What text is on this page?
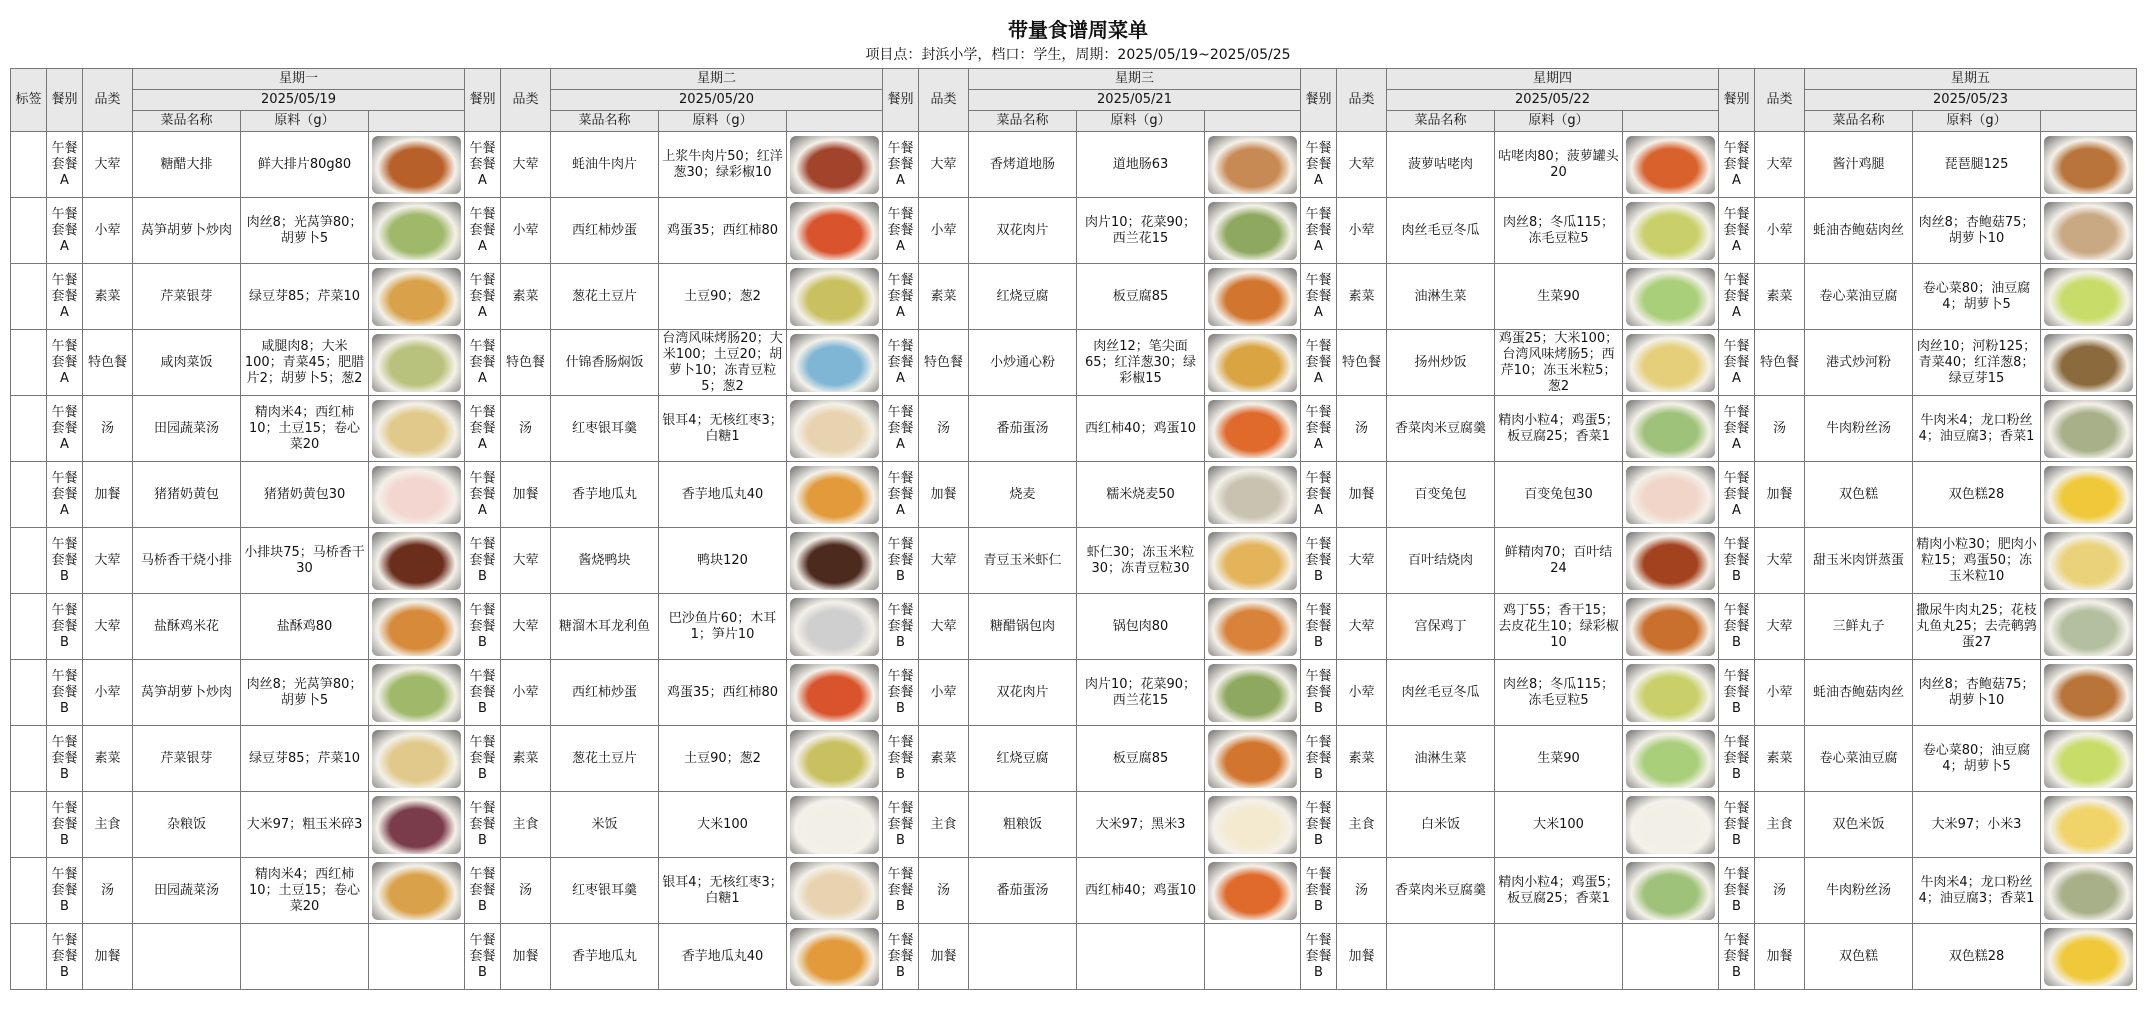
带量食谱周菜单
项目点：封浜小学，档口：学生，周期：2025/05/19~2025/05/25
标签	餐别	品类	星期一			餐别	品类	星期二			餐别	品类	星期三			餐别	品类	星期四			餐别	品类	星期五		
			2025/05/19					2025/05/20					2025/05/21					2025/05/22					2025/05/23		
			菜品名称	原料（g）				菜品名称	原料（g）				菜品名称	原料（g）				菜品名称	原料（g）				菜品名称	原料（g）	
	午餐套餐A	大荤	糖醋大排	鲜大排片80g80		午餐套餐A	大荤	蚝油牛肉片	上浆牛肉片50；红洋葱30；绿彩椒10		午餐套餐A	大荤	香烤道地肠	道地肠63		午餐套餐A	大荤	菠萝咕咾肉	咕咾肉80；菠萝罐头20		午餐套餐A	大荤	酱汁鸡腿	琵琶腿125	

	午餐套餐A	小荤	莴笋胡萝卜炒肉	肉丝8；光莴笋80；胡萝卜5		午餐套餐A	小荤	西红柿炒蛋	鸡蛋35；西红柿80		午餐套餐A	小荤	双花肉片	肉片10；花菜90；西兰花15		午餐套餐A	小荤	肉丝毛豆冬瓜	肉丝8；冬瓜115；冻毛豆粒5		午餐套餐A	小荤	蚝油杏鲍菇肉丝	肉丝8；杏鲍菇75；胡萝卜10	

	午餐套餐A	素菜	芹菜银芽	绿豆芽85；芹菜10		午餐套餐A	素菜	葱花土豆片	土豆90；葱2		午餐套餐A	素菜	红烧豆腐	板豆腐85		午餐套餐A	素菜	油淋生菜	生菜90		午餐套餐A	素菜	卷心菜油豆腐	卷心菜80；油豆腐4；胡萝卜5	

	午餐套餐A	特色餐	咸肉菜饭	咸腿肉8；大米100；青菜45；肥腊片2；胡萝卜5；葱2		午餐套餐A	特色餐	什锦香肠焖饭	台湾风味烤肠20；大米100；土豆20；胡萝卜10；冻青豆粒5；葱2		午餐套餐A	特色餐	小炒通心粉	肉丝12；笔尖面65；红洋葱30；绿彩椒15		午餐套餐A	特色餐	扬州炒饭	鸡蛋25；大米100；台湾风味烤肠5；西芹10；冻玉米粒5；葱2		午餐套餐A	特色餐	港式炒河粉	肉丝10；河粉125；青菜40；红洋葱8；绿豆芽15	

	午餐套餐A	汤	田园蔬菜汤	精肉米4；西红柿10；土豆15；卷心菜20		午餐套餐A	汤	红枣银耳羹	银耳4；无核红枣3；白糖1		午餐套餐A	汤	番茄蛋汤	西红柿40；鸡蛋10		午餐套餐A	汤	香菜肉米豆腐羹	精肉小粒4；鸡蛋5；板豆腐25；香菜1		午餐套餐A	汤	牛肉粉丝汤	牛肉米4；龙口粉丝4；油豆腐3；香菜1	

	午餐套餐A	加餐	猪猪奶黄包	猪猪奶黄包30		午餐套餐A	加餐	香芋地瓜丸	香芋地瓜丸40		午餐套餐A	加餐	烧麦	糯米烧麦50		午餐套餐A	加餐	百变兔包	百变兔包30		午餐套餐A	加餐	双色糕	双色糕28	

	午餐套餐B	大荤	马桥香干烧小排	小排块75；马桥香干30		午餐套餐B	大荤	酱烧鸭块	鸭块120		午餐套餐B	大荤	青豆玉米虾仁	虾仁30；冻玉米粒30；冻青豆粒30		午餐套餐B	大荤	百叶结烧肉	鲜精肉70；百叶结24		午餐套餐B	大荤	甜玉米肉饼蒸蛋	精肉小粒30；肥肉小粒15；鸡蛋50；冻玉米粒10	

	午餐套餐B	大荤	盐酥鸡米花	盐酥鸡80		午餐套餐B	大荤	糖溜木耳龙利鱼	巴沙鱼片60；木耳1；笋片10		午餐套餐B	大荤	糖醋锅包肉	锅包肉80		午餐套餐B	大荤	宫保鸡丁	鸡丁55；香干15；去皮花生10；绿彩椒10		午餐套餐B	大荤	三鲜丸子	撒尿牛肉丸25；花枝丸鱼丸25；去壳鹌鹑蛋27	

	午餐套餐B	小荤	莴笋胡萝卜炒肉	肉丝8；光莴笋80；胡萝卜5		午餐套餐B	小荤	西红柿炒蛋	鸡蛋35；西红柿80		午餐套餐B	小荤	双花肉片	肉片10；花菜90；西兰花15		午餐套餐B	小荤	肉丝毛豆冬瓜	肉丝8；冬瓜115；冻毛豆粒5		午餐套餐B	小荤	蚝油杏鲍菇肉丝	肉丝8；杏鲍菇75；胡萝卜10	

	午餐套餐B	素菜	芹菜银芽	绿豆芽85；芹菜10		午餐套餐B	素菜	葱花土豆片	土豆90；葱2		午餐套餐B	素菜	红烧豆腐	板豆腐85		午餐套餐B	素菜	油淋生菜	生菜90		午餐套餐B	素菜	卷心菜油豆腐	卷心菜80；油豆腐4；胡萝卜5	

	午餐套餐B	主食	杂粮饭	大米97；粗玉米碎3		午餐套餐B	主食	米饭	大米100		午餐套餐B	主食	粗粮饭	大米97；黑米3		午餐套餐B	主食	白米饭	大米100		午餐套餐B	主食	双色米饭	大米97；小米3	

	午餐套餐B	汤	田园蔬菜汤	精肉米4；西红柿10；土豆15；卷心菜20		午餐套餐B	汤	红枣银耳羹	银耳4；无核红枣3；白糖1		午餐套餐B	汤	番茄蛋汤	西红柿40；鸡蛋10		午餐套餐B	汤	香菜肉米豆腐羹	精肉小粒4；鸡蛋5；板豆腐25；香菜1		午餐套餐B	汤	牛肉粉丝汤	牛肉米4；龙口粉丝4；油豆腐3；香菜1	

	午餐套餐B	加餐				午餐套餐B	加餐	香芋地瓜丸	香芋地瓜丸40		午餐套餐B	加餐				午餐套餐B	加餐				午餐套餐B	加餐	双色糕	双色糕28	
